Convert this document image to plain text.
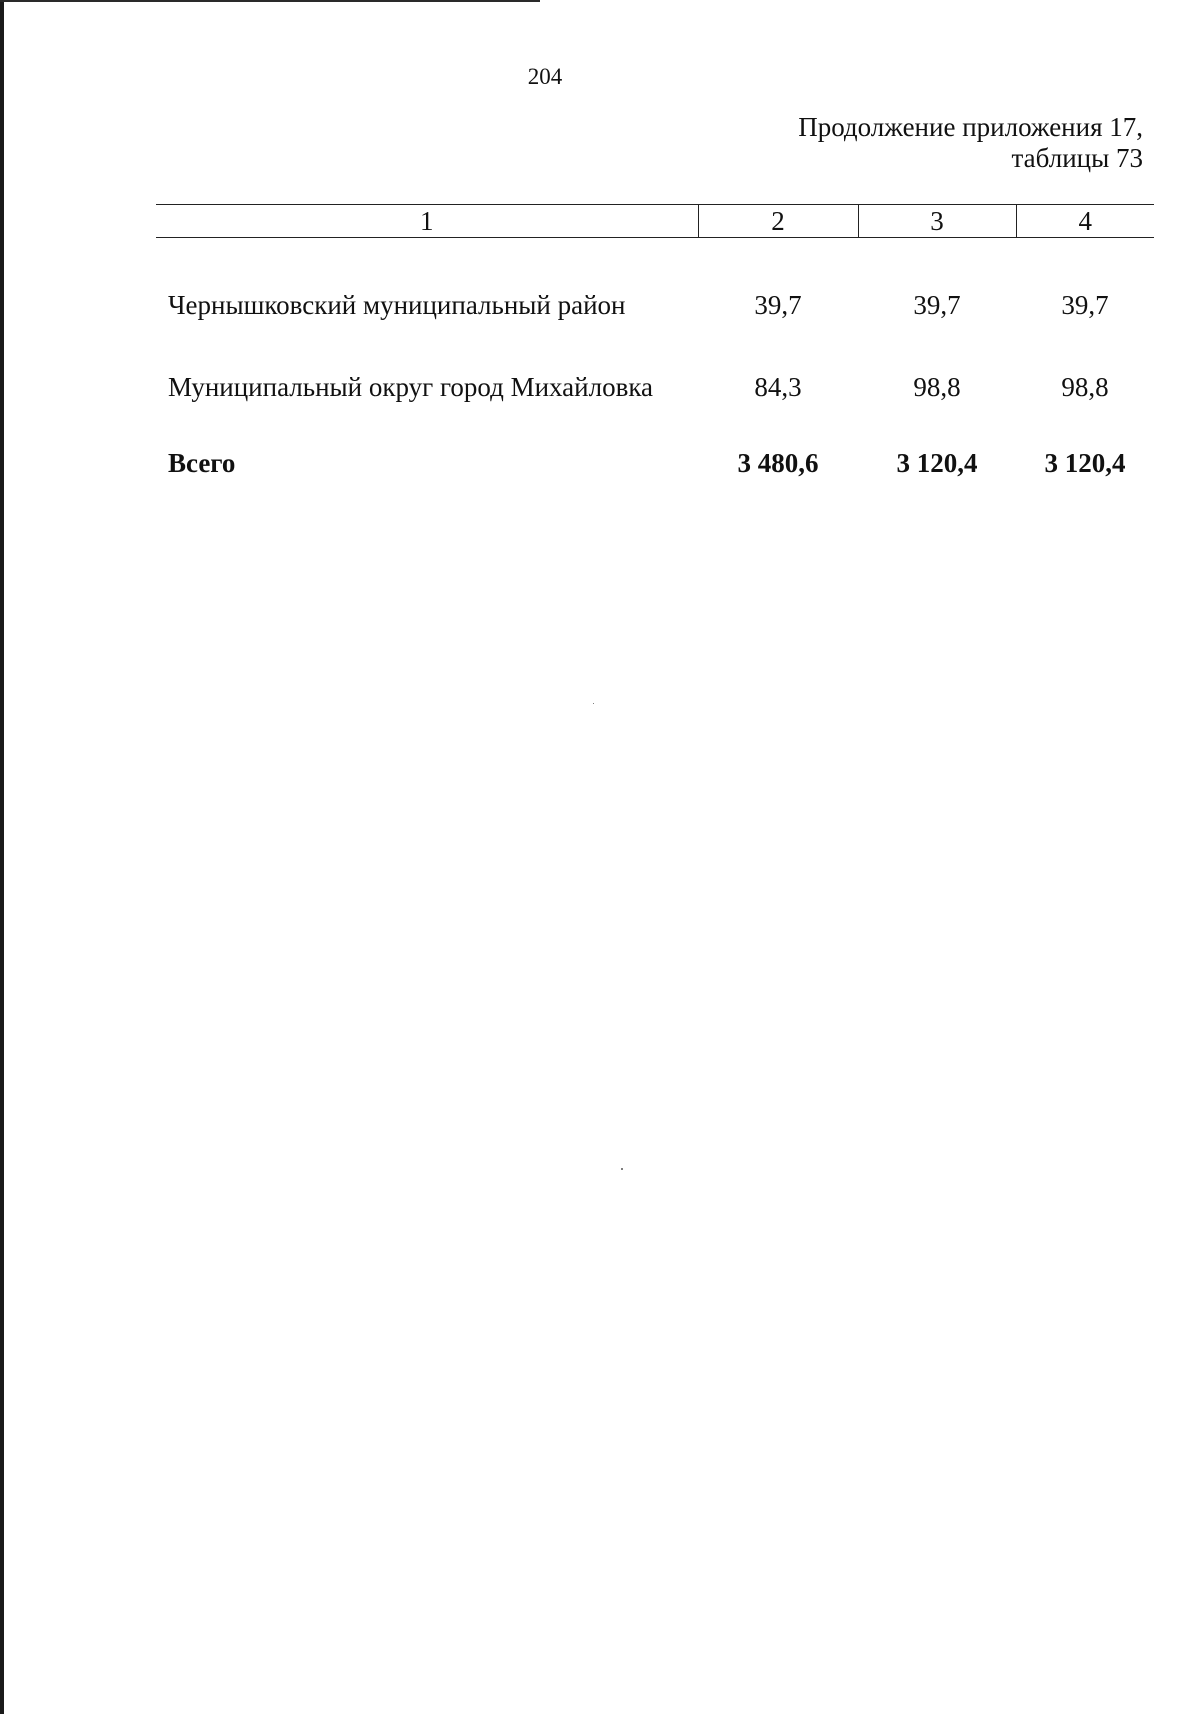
204
Продолжение приложения 17,
таблицы 73
1	2	3	4
Чернышковский муниципальный район	39,7	39,7	39,7
Муниципальный округ город Михайловка	84,3	98,8	98,8
Всего	3 480,6	3 120,4	3 120,4
